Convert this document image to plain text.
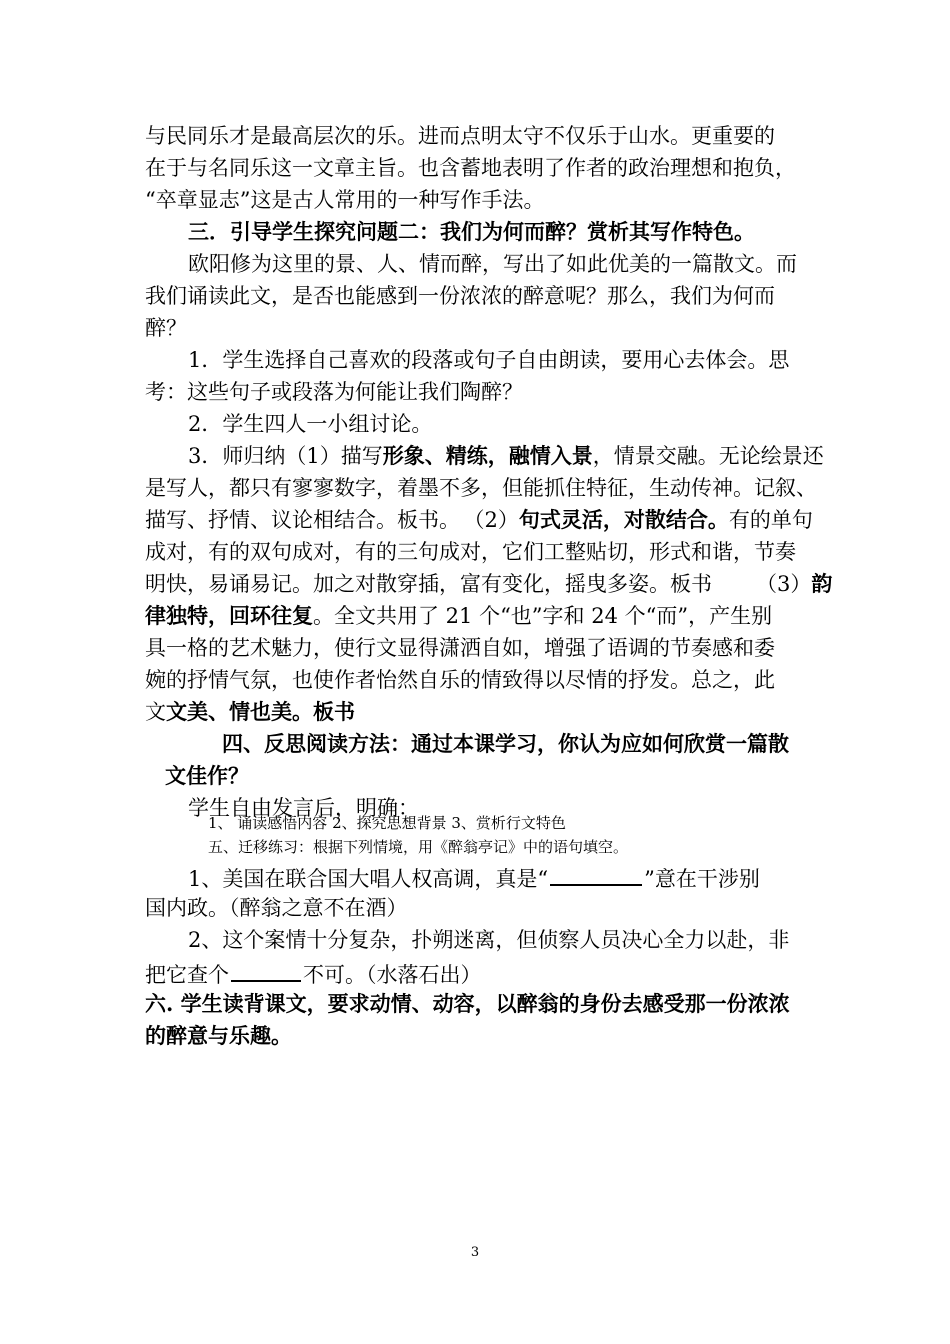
与民同乐才是最高层次的乐。进而点明太守不仅乐于山水。更重要的
在于与名同乐这一文章主旨。也含蓄地表明了作者的政治理想和抱负，
“卒章显志”这是古人常用的一种写作手法。
三．引导学生探究问题二：我们为何而醉？赏析其写作特色。
欧阳修为这里的景、人、情而醉，写出了如此优美的一篇散文。而
我们诵读此文，是否也能感到一份浓浓的醉意呢？那么，我们为何而
醉？
1．学生选择自己喜欢的段落或句子自由朗读，要用心去体会。思
考：这些句子或段落为何能让我们陶醉？
2．学生四人一小组讨论。
3．师归纳（1）描写形象、精练，融情入景，情景交融。无论绘景还
是写人，都只有寥寥数字，着墨不多，但能抓住特征，生动传神。记叙、
描写、抒情、议论相结合。板书。 （2）句式灵活，对散结合。有的单句
成对，有的双句成对，有的三句成对，它们工整贴切，形式和谐，节奏
明快，易诵易记。加之对散穿插，富有变化，摇曳多姿。板书 （3）韵
律独特，回环往复。全文共用了 21 个“也”字和 24 个“而”，产生别
具一格的艺术魅力，使行文显得潇洒自如，增强了语调的节奏感和委
婉的抒情气氛，也使作者怡然自乐的情致得以尽情的抒发。总之，此
文文美、情也美。板书
四、反思阅读方法：通过本课学习，你认为应如何欣赏一篇散
文佳作？
学生自由发言后，明确：
1、 诵读感悟内容 2、探究思想背景 3、赏析行文特色
五、迁移练习：根据下列情境，用《醉翁亭记》中的语句填空。
1、美国在联合国大唱人权高调，真是“	”意在干涉别
国内政。（醉翁之意不在酒）
2、这个案情十分复杂，扑朔迷离，但侦察人员决心全力以赴，非
把它查个	不可。（水落石出）
六. 学生读背课文，要求动情、动容，以醉翁的身份去感受那一份浓浓
的醉意与乐趣。
3
